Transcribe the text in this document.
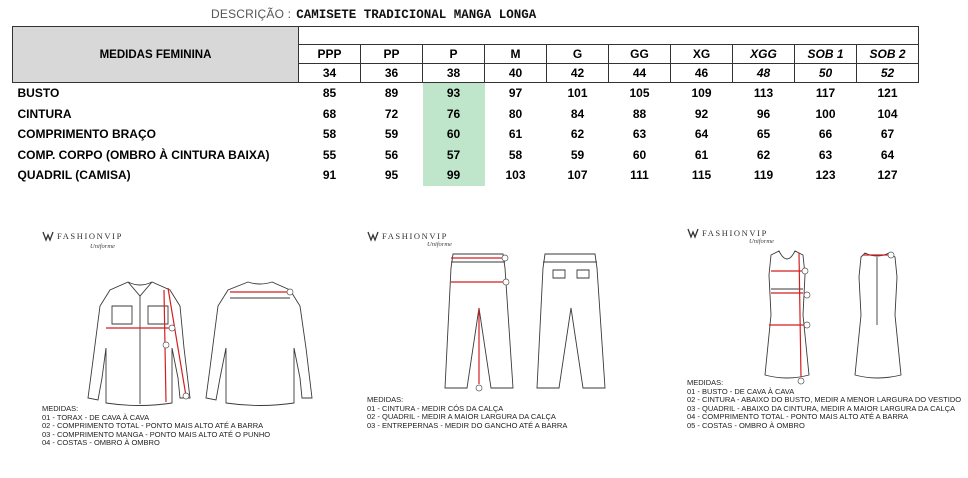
DESCRIÇÃO : CAMISETE TRADICIONAL MANGA LONGA
MEDIDAS FEMININA										
	PPP	PP	P	M	G	GG	XG	XGG	SOB 1	SOB 2
	34	36	38	40	42	44	46	48	50	52
BUSTO	85	89	93	97	101	105	109	113	117	121
CINTURA	68	72	76	80	84	88	92	96	100	104
COMPRIMENTO BRAÇO	58	59	60	61	62	63	64	65	66	67
COMP. CORPO (OMBRO À CINTURA BAIXA)	55	56	57	58	59	60	61	62	63	64
QUADRIL (CAMISA)	91	95	99	103	107	111	115	119	123	127
FASHIONVIP
Uniforme
MEDIDAS:
01 - TORAX - DE CAVA À CAVA
02 - COMPRIMENTO TOTAL - PONTO MAIS ALTO ATÉ A BARRA
03 - COMPRIMENTO MANGA - PONTO MAIS ALTO ATÉ O PUNHO
04 - COSTAS - OMBRO À OMBRO
FASHIONVIP
Uniforme
MEDIDAS:
01 - CINTURA - MEDIR CÓS DA CALÇA
02 - QUADRIL - MEDIR A MAIOR LARGURA DA CALÇA
03 - ENTREPERNAS - MEDIR DO GANCHO ATÉ A BARRA
FASHIONVIP
Uniforme
MEDIDAS:
01 - BUSTO - DE CAVA À CAVA
02 - CINTURA - ABAIXO DO BUSTO, MEDIR A MENOR LARGURA DO VESTIDO
03 - QUADRIL - ABAIXO DA CINTURA, MEDIR A MAIOR LARGURA DA CALÇA
04 - COMPRIMENTO TOTAL - PONTO MAIS ALTO ATÉ A BARRA
05 - COSTAS - OMBRO À OMBRO
